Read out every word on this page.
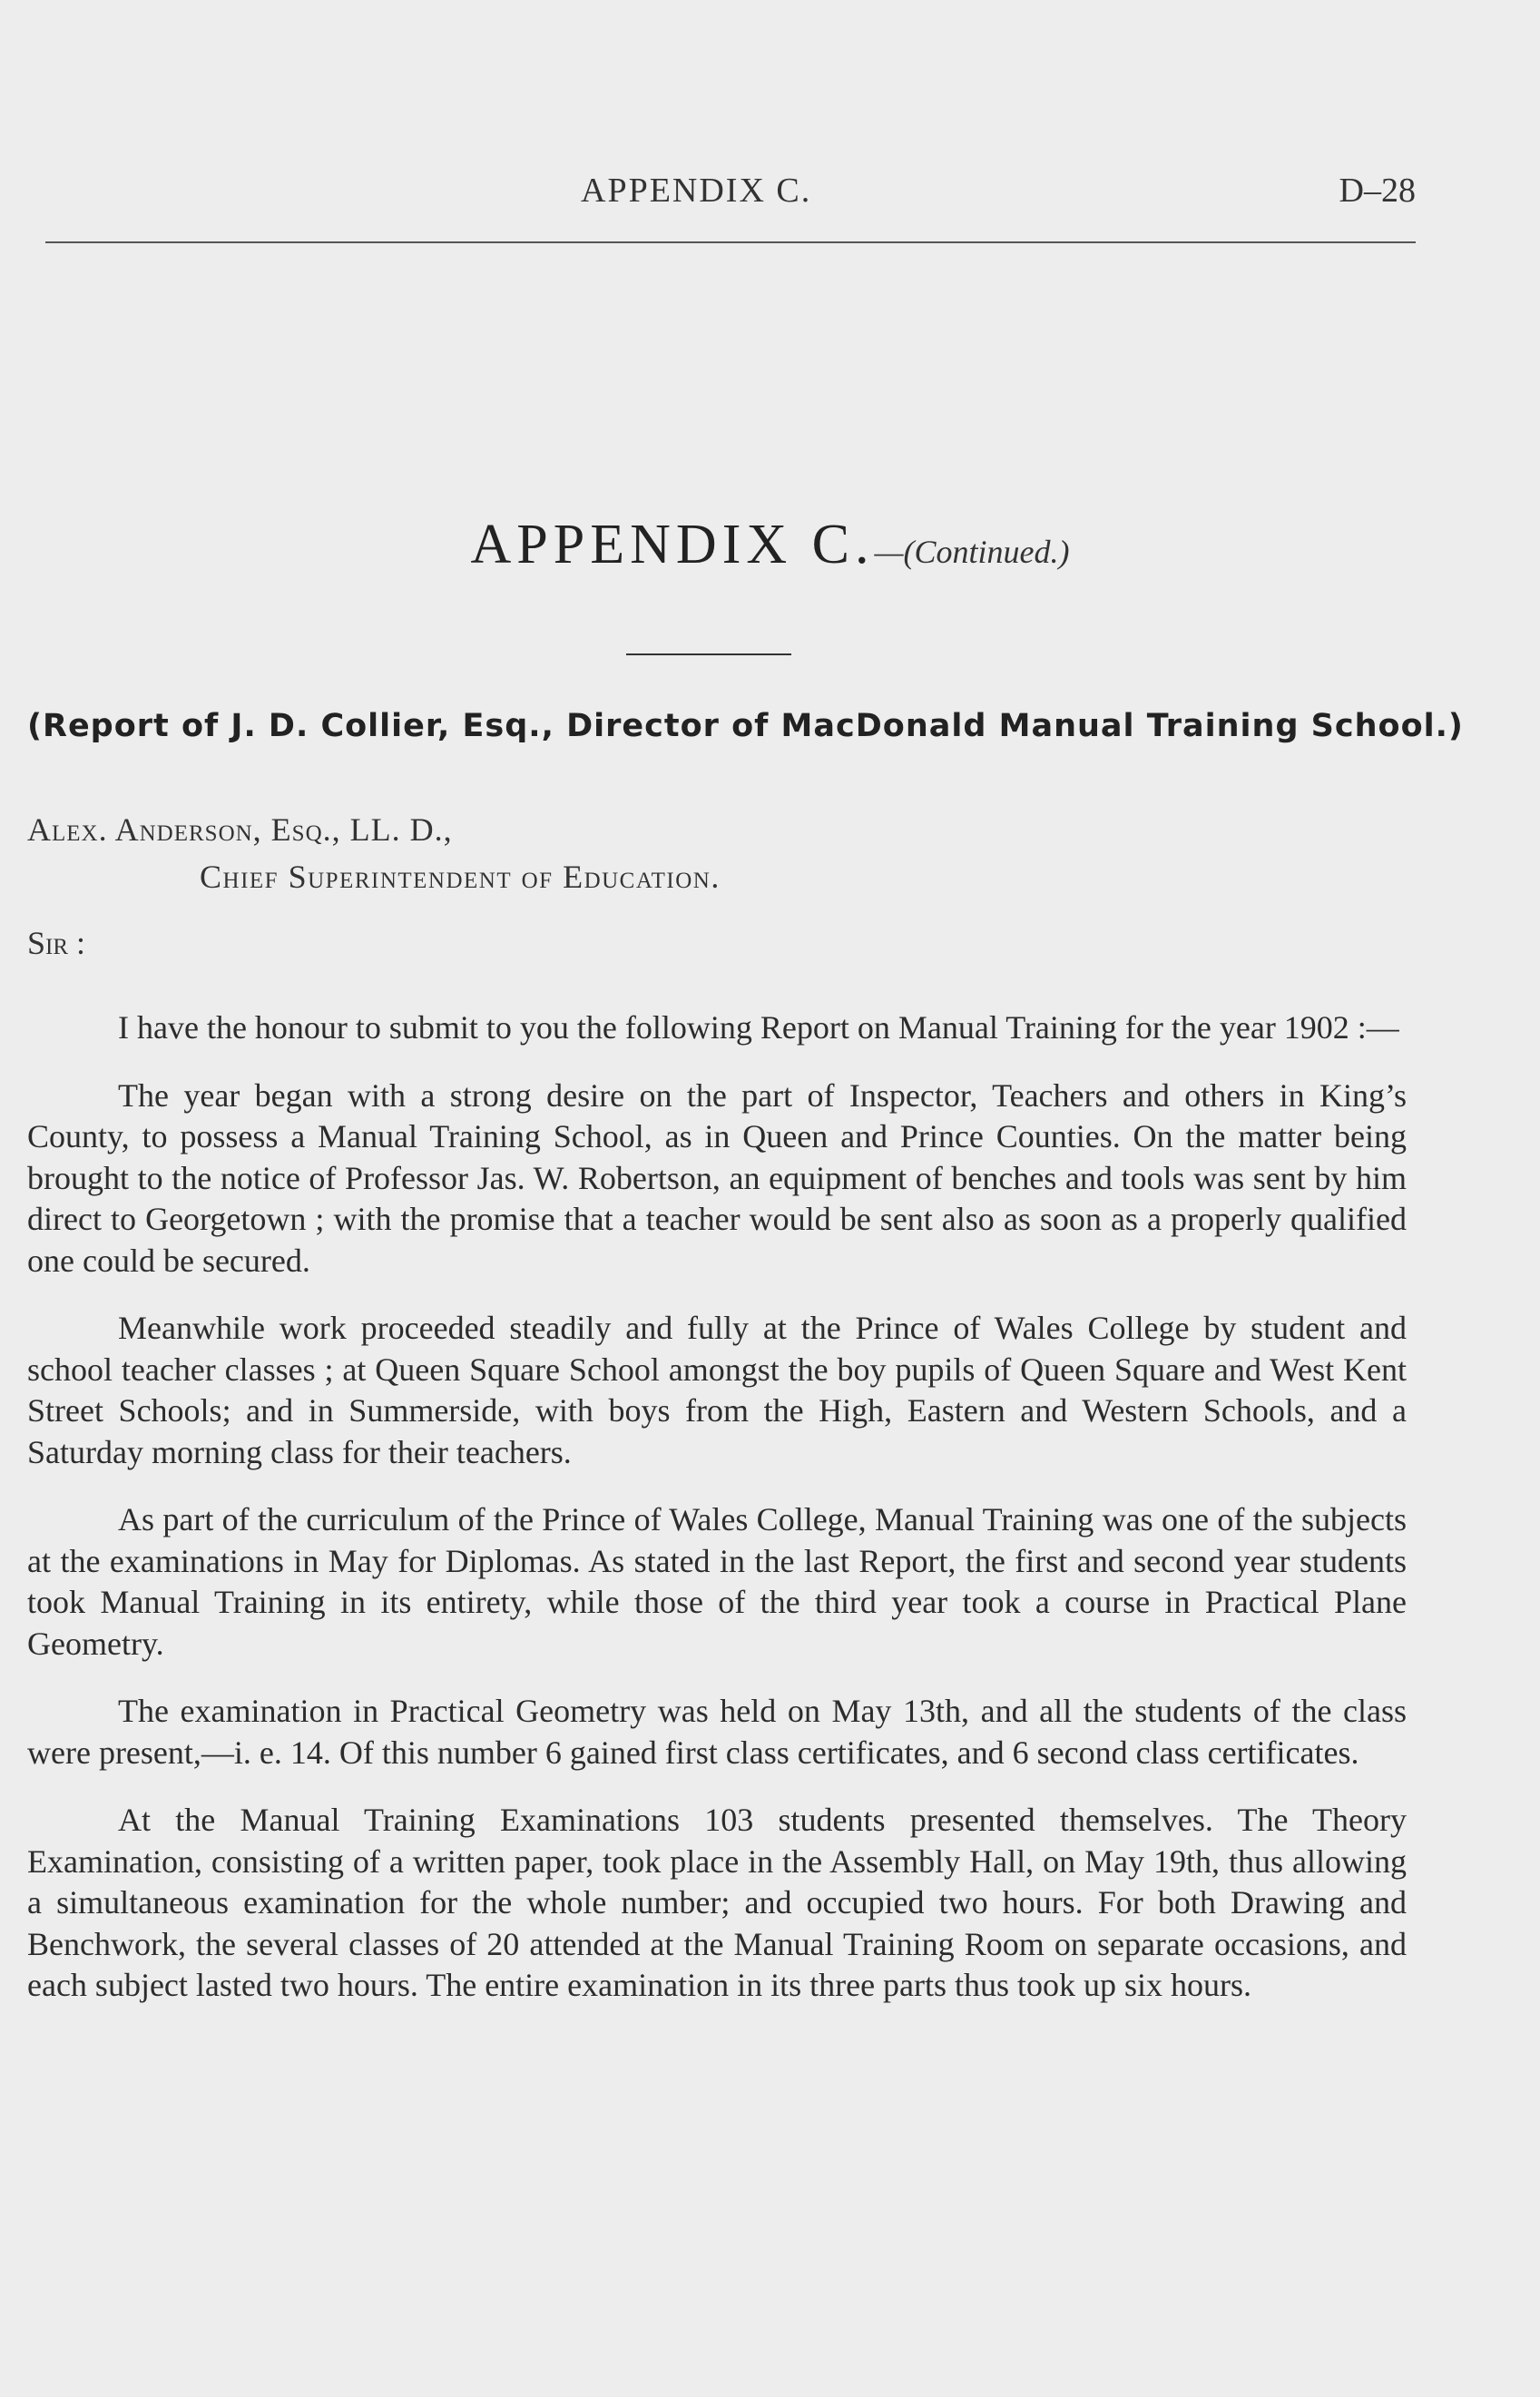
APPENDIX C.	D–28
APPENDIX C.—(Continued.)
(Report of J. D. Collier, Esq., Director of MacDonald Manual Training School.)
Alex. Anderson, Esq., LL. D.,
Chief Superintendent of Education.
Sir :

I have the honour to submit to you the following Report on Manual Training for the year 1902 :—

The year began with a strong desire on the part of Inspector, Teachers and others in King’s County, to possess a Manual Training School, as in Queen and Prince Counties. On the matter being brought to the notice of Professor Jas. W. Robertson, an equipment of benches and tools was sent by him direct to Georgetown ; with the promise that a teacher would be sent also as soon as a properly qualified one could be secured.

Meanwhile work proceeded steadily and fully at the Prince of Wales College by student and school teacher classes ; at Queen Square School amongst the boy pupils of Queen Square and West Kent Street Schools; and in Summerside, with boys from the High, Eastern and Western Schools, and a Saturday morning class for their teachers.

As part of the curriculum of the Prince of Wales College, Manual Training was one of the subjects at the examinations in May for Diplomas. As stated in the last Report, the first and second year students took Manual Training in its entirety, while those of the third year took a course in Practical Plane Geometry.

The examination in Practical Geometry was held on May 13th, and all the students of the class were present,—i. e. 14. Of this number 6 gained first class certificates, and 6 second class certificates.

At the Manual Training Examinations 103 students presented themselves. The Theory Examination, consisting of a written paper, took place in the Assembly Hall, on May 19th, thus allowing a simultaneous examination for the whole number; and occupied two hours. For both Drawing and Benchwork, the several classes of 20 attended at the Manual Training Room on separate occasions, and each subject lasted two hours. The entire examination in its three parts thus took up six hours.
